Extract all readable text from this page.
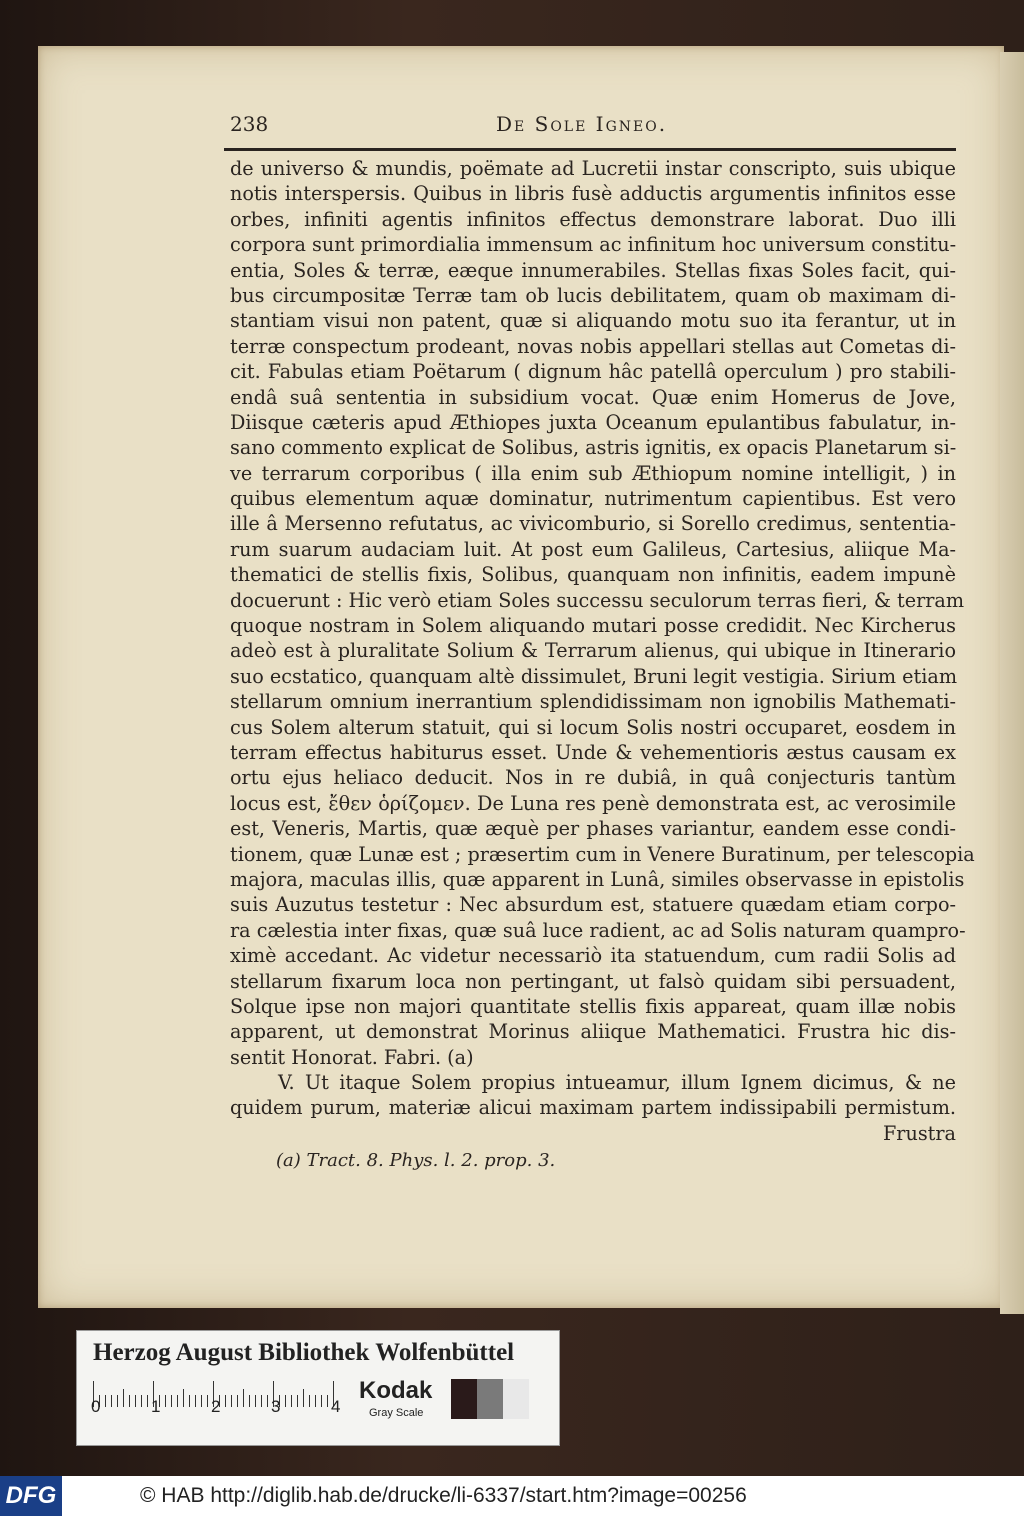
238	De Sole Igneo.
de universo & mundis, poëmate ad Lucretii instar conscripto, suis ubique
notis interspersis. Quibus in libris fusè adductis argumentis infinitos esse
orbes, infiniti agentis infinitos effectus demonstrare laborat. Duo illi
corpora sunt primordialia immensum ac infinitum hoc universum constitu-
entia, Soles & terræ, eæque innumerabiles. Stellas fixas Soles facit, qui-
bus circumpositæ Terræ tam ob lucis debilitatem, quam ob maximam di-
stantiam visui non patent, quæ si aliquando motu suo ita ferantur, ut in
terræ conspectum prodeant, novas nobis appellari stellas aut Cometas di-
cit. Fabulas etiam Poëtarum ( dignum hâc patellâ operculum ) pro stabili-
endâ suâ sententia in subsidium vocat. Quæ enim Homerus de Jove,
Diisque cæteris apud Æthiopes juxta Oceanum epulantibus fabulatur, in-
sano commento explicat de Solibus, astris ignitis, ex opacis Planetarum si-
ve terrarum corporibus ( illa enim sub Æthiopum nomine intelligit, ) in
quibus elementum aquæ dominatur, nutrimentum capientibus. Est vero
ille â Mersenno refutatus, ac vivicomburio, si Sorello credimus, sententia-
rum suarum audaciam luit. At post eum Galileus, Cartesius, aliique Ma-
thematici de stellis fixis, Solibus, quanquam non infinitis, eadem impunè
docuerunt : Hic verò etiam Soles successu seculorum terras fieri, & terram
quoque nostram in Solem aliquando mutari posse credidit. Nec Kircherus
adeò est à pluralitate Solium & Terrarum alienus, qui ubique in Itinerario
suo ecstatico, quanquam altè dissimulet, Bruni legit vestigia. Sirium etiam
stellarum omnium inerrantium splendidissimam non ignobilis Mathemati-
cus Solem alterum statuit, qui si locum Solis nostri occuparet, eosdem in
terram effectus habiturus esset. Unde & vehementioris æstus causam ex
ortu ejus heliaco deducit. Nos in re dubiâ, in quâ conjecturis tantùm
locus est, ἔθεν ὁρίζομεν. De Luna res penè demonstrata est, ac verosimile
est, Veneris, Martis, quæ æquè per phases variantur, eandem esse condi-
tionem, quæ Lunæ est ; præsertim cum in Venere Buratinum, per telescopia
majora, maculas illis, quæ apparent in Lunâ, similes observasse in epistolis
suis Auzutus testetur : Nec absurdum est, statuere quædam etiam corpo-
ra cælestia inter fixas, quæ suâ luce radient, ac ad Solis naturam quampro-
ximè accedant. Ac videtur necessariò ita statuendum, cum radii Solis ad
stellarum fixarum loca non pertingant, ut falsò quidam sibi persuadent,
Solque ipse non majori quantitate stellis fixis appareat, quam illæ nobis
apparent, ut demonstrat Morinus aliique Mathematici. Frustra hic dis-
sentit Honorat. Fabri. (a)
V. Ut itaque Solem propius intueamur, illum Ignem dicimus, & ne
quidem purum, materiæ alicui maximam partem indissipabili permistum.
Frustra
(a) Tract. 8. Phys. l. 2. prop. 3.
Herzog August Bibliothek Wolfenbüttel
0	1	2	3	4
Kodak
Gray Scale
DFG	© HAB http://diglib.hab.de/drucke/li-6337/start.htm?image=00256
